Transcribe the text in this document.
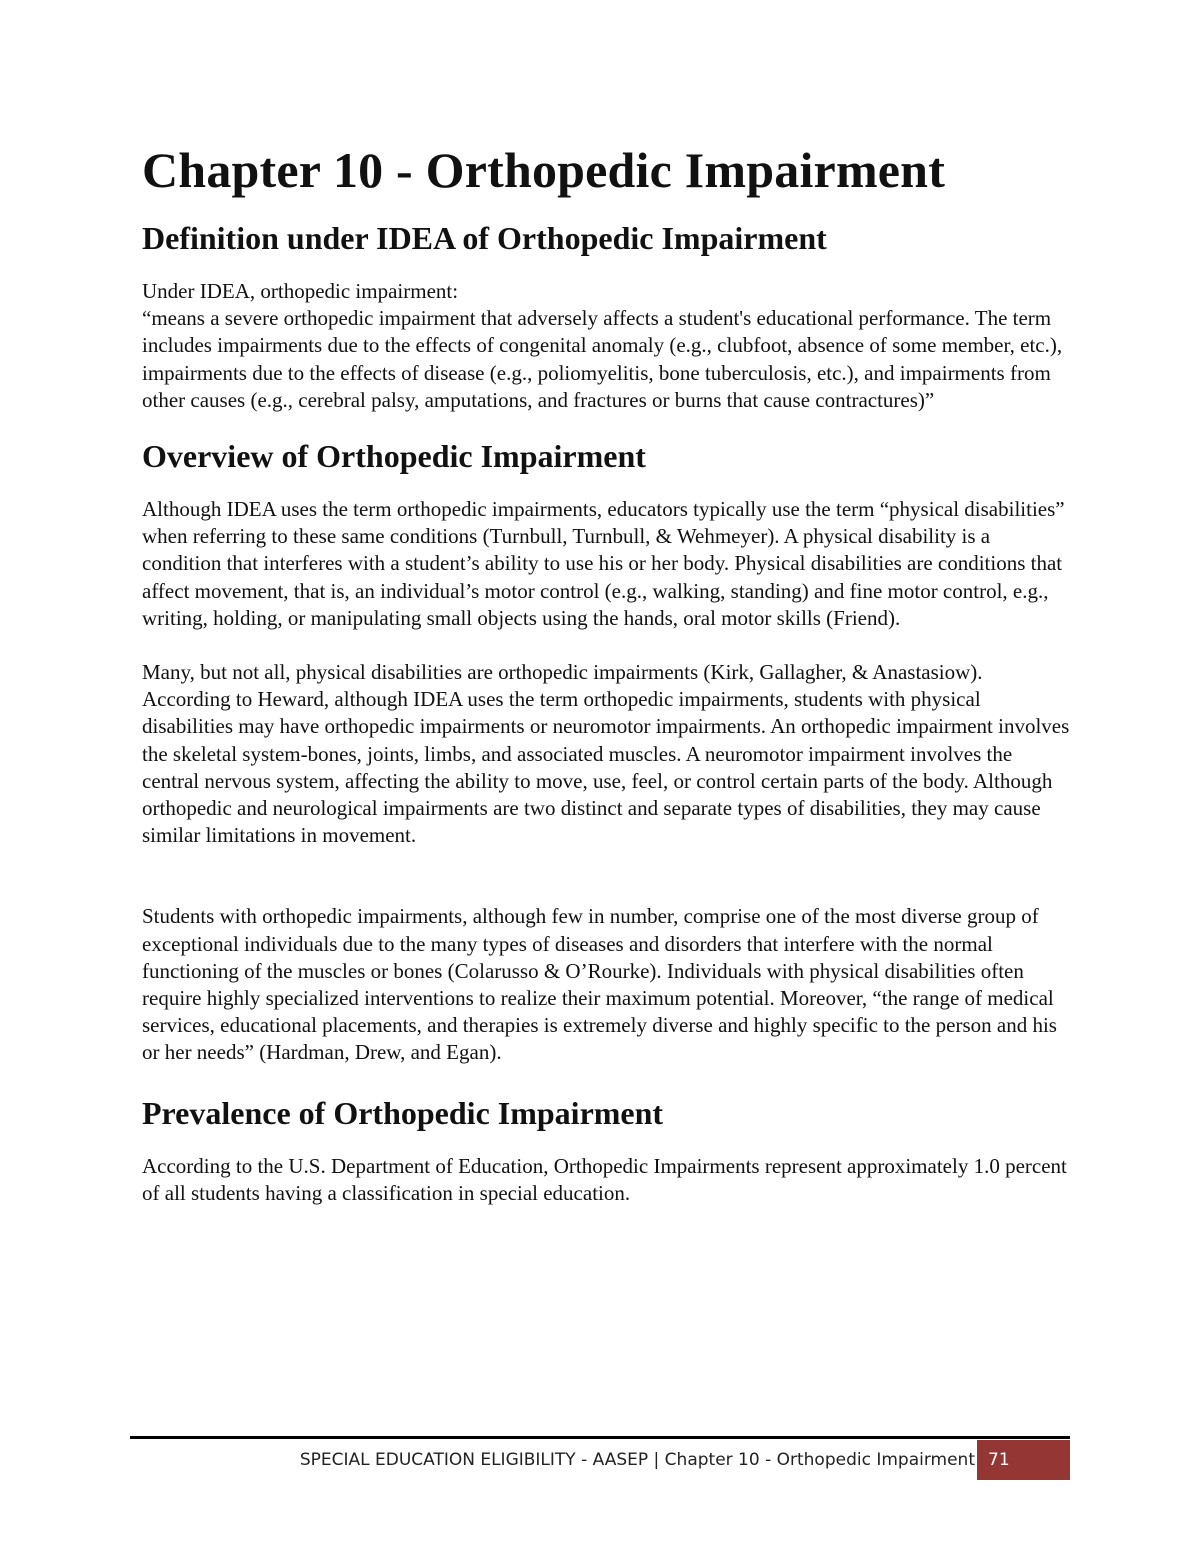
Chapter 10 - Orthopedic Impairment
Definition under IDEA of Orthopedic Impairment

Under IDEA, orthopedic impairment:

“means a severe orthopedic impairment that adversely affects a student's educational performance. The term includes impairments due to the effects of congenital anomaly (e.g., clubfoot, absence of some member, etc.), impairments due to the effects of disease (e.g., poliomyelitis, bone tuberculosis, etc.), and impairments from other causes (e.g., cerebral palsy, amputations, and fractures or burns that cause contractures)”

Overview of Orthopedic Impairment

Although IDEA uses the term orthopedic impairments, educators typically use the term “physical disabilities” when referring to these same conditions (Turnbull, Turnbull, & Wehmeyer). A physical disability is a condition that interferes with a student’s ability to use his or her body. Physical disabilities are conditions that affect movement, that is, an individual’s motor control (e.g., walking, standing) and fine motor control, e.g., writing, holding, or manipulating small objects using the hands, oral motor skills (Friend).

Many, but not all, physical disabilities are orthopedic impairments (Kirk, Gallagher, & Anastasiow). According to Heward, although IDEA uses the term orthopedic impairments, students with physical disabilities may have orthopedic impairments or neuromotor impairments. An orthopedic impairment involves the skeletal system-bones, joints, limbs, and associated muscles. A neuromotor impairment involves the central nervous system, affecting the ability to move, use, feel, or control certain parts of the body. Although orthopedic and neurological impairments are two distinct and separate types of disabilities, they may cause similar limitations in movement.

Students with orthopedic impairments, although few in number, comprise one of the most diverse group of exceptional individuals due to the many types of diseases and disorders that interfere with the normal functioning of the muscles or bones (Colarusso & O’Rourke). Individuals with physical disabilities often require highly specialized interventions to realize their maximum potential. Moreover, “the range of medical services, educational placements, and therapies is extremely diverse and highly specific to the person and his or her needs” (Hardman, Drew, and Egan).

Prevalence of Orthopedic Impairment

According to the U.S. Department of Education, Orthopedic Impairments represent approximately 1.0 percent of all students having a classification in special education.

SPECIAL EDUCATION ELIGIBILITY - AASEP | Chapter 10 - Orthopedic Impairment 71
